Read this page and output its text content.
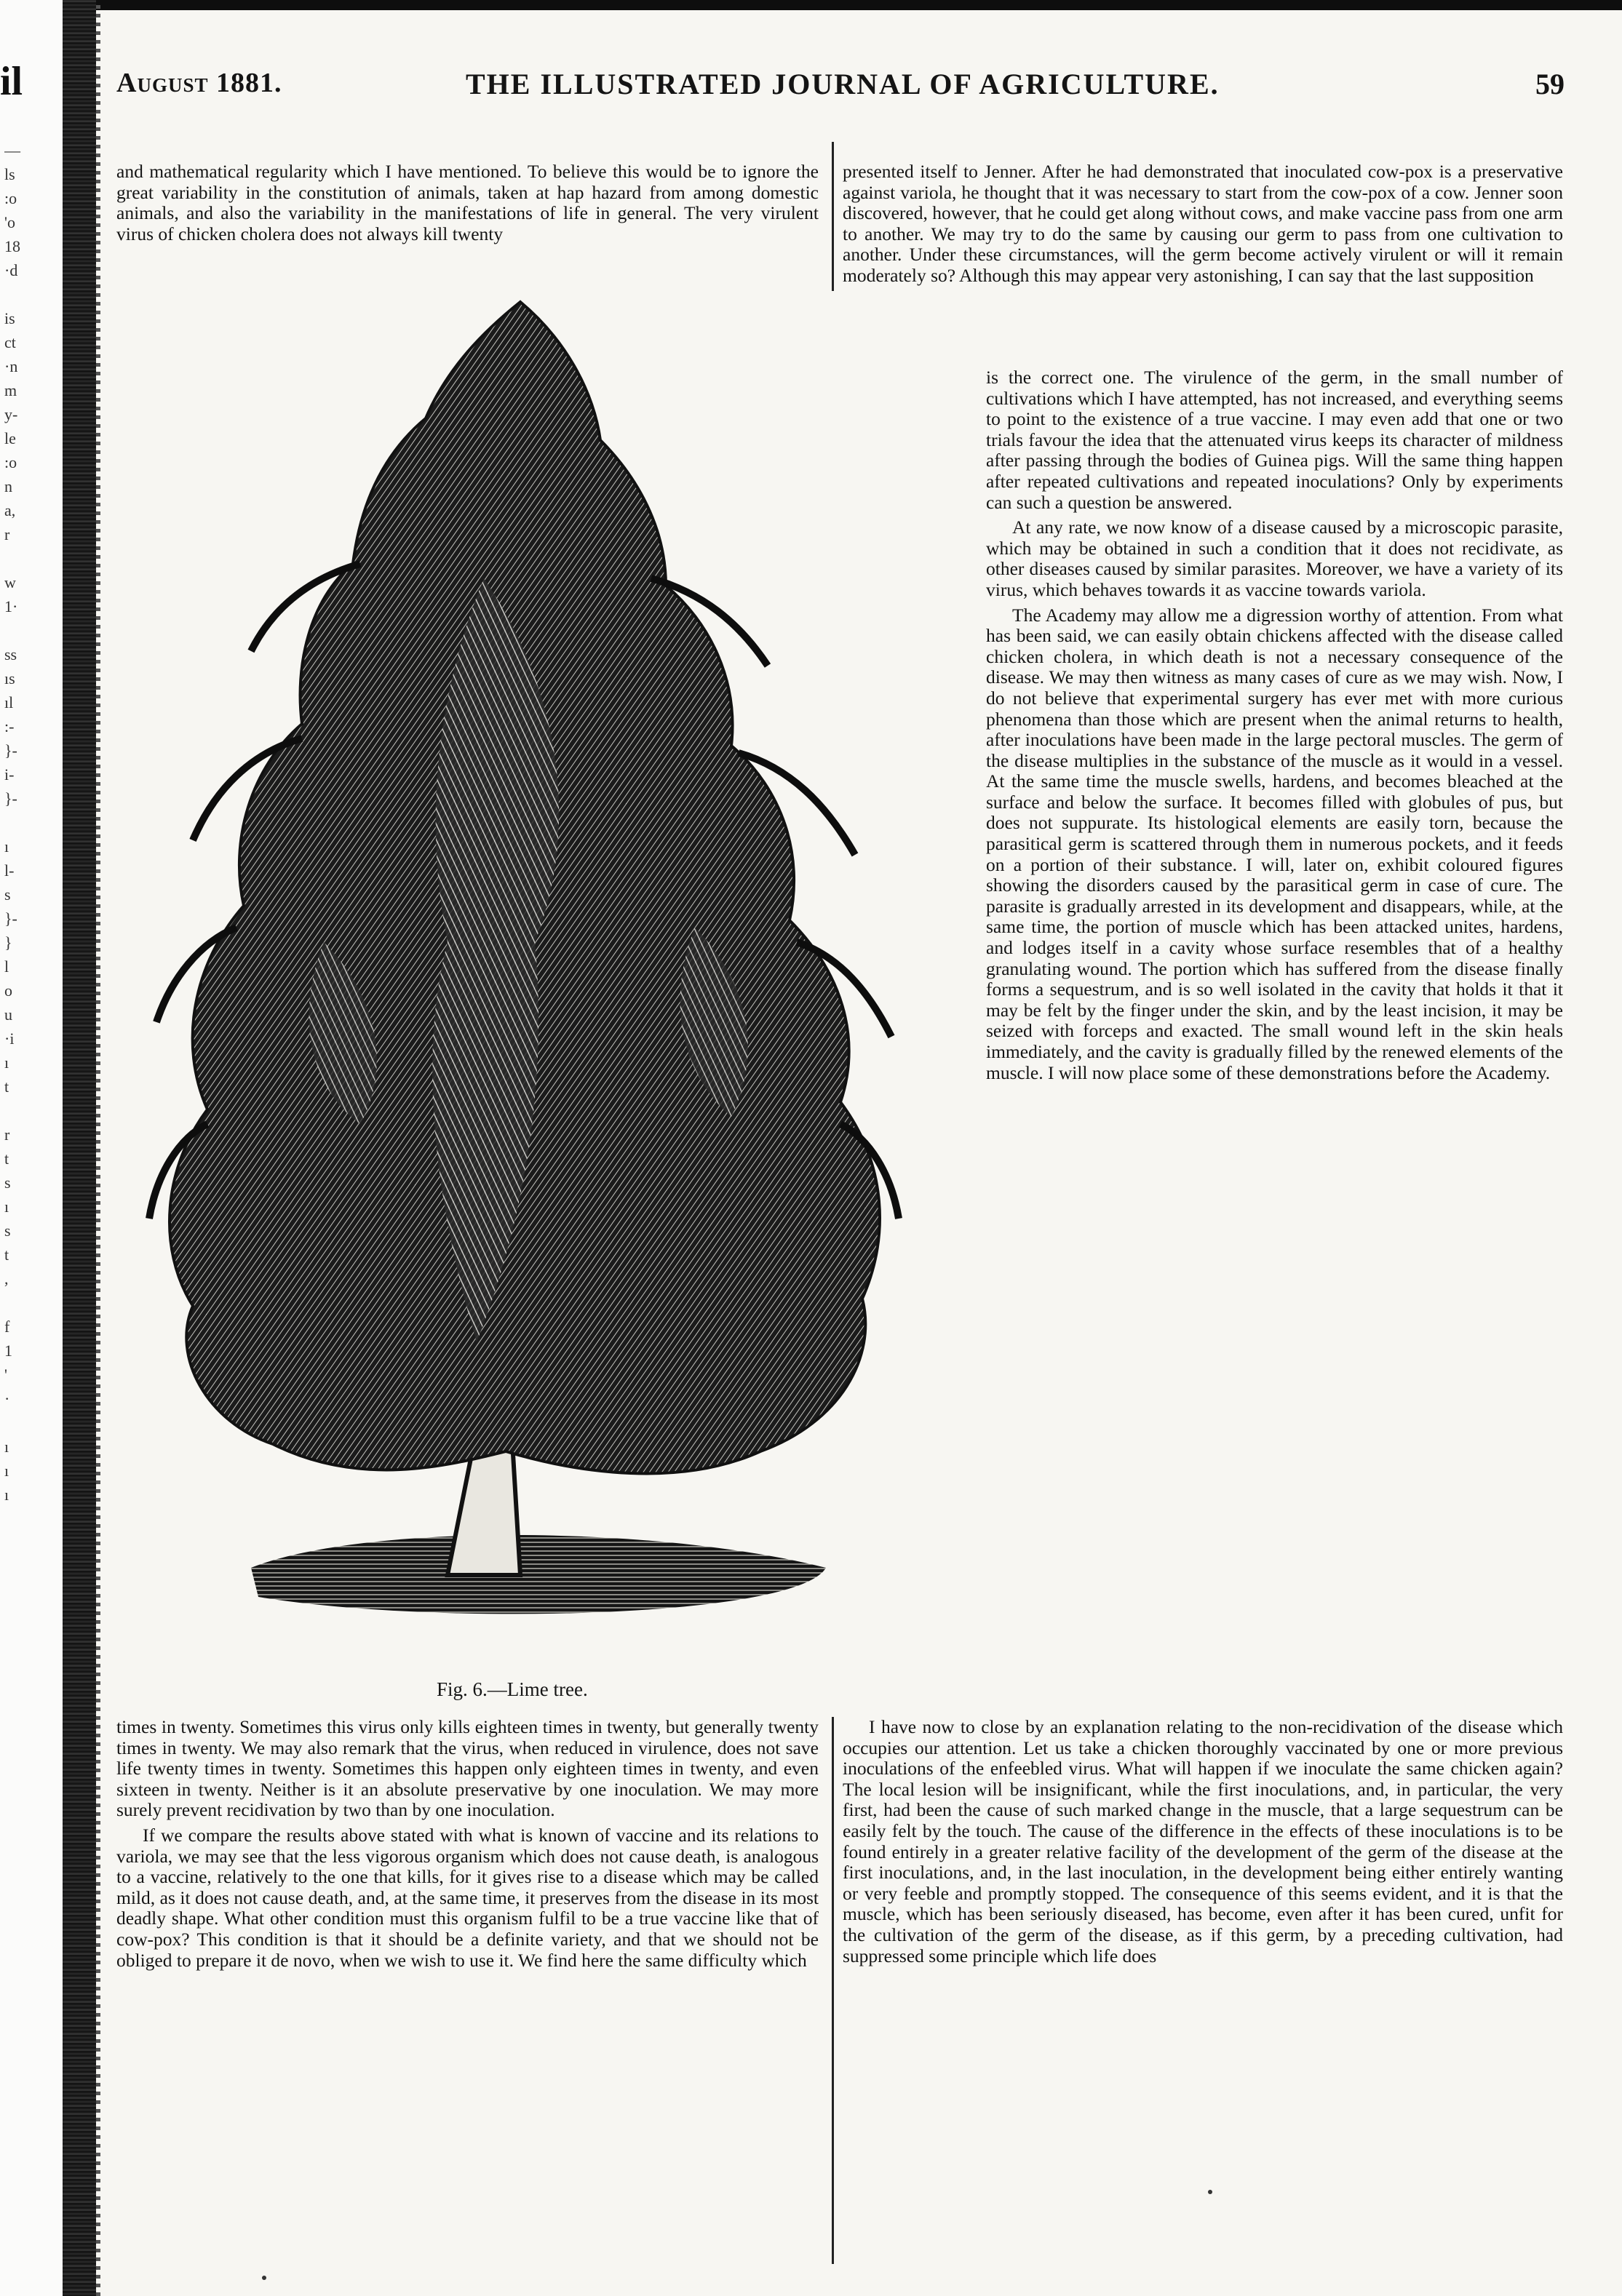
il
—
ls
:o
'o
18
·d
is
ct
·n
m
y-
le
:o
n
a,
r
w
1·
ss
ıs
ıl
:-
}-
i-
}-
ı
l-
s
}-
}
l
o
u
·i
ı
t
r
t
s
ı
s
t
,
f
1
'
·
ı
ı
ı
August 1881.	THE ILLUSTRATED JOURNAL OF AGRICULTURE.	59

and mathematical regularity which I have mentioned. To believe this would be to ignore the great variability in the constitution of animals, taken at hap hazard from among domestic animals, and also the variability in the manifestations of life in general. The very virulent virus of chicken cholera does not always kill twenty

presented itself to Jenner. After he had demonstrated that inoculated cow-pox is a preservative against variola, he thought that it was necessary to start from the cow-pox of a cow. Jenner soon discovered, however, that he could get along without cows, and make vaccine pass from one arm to another. We may try to do the same by causing our germ to pass from one cultivation to another. Under these circumstances, will the germ become actively virulent or will it remain moderately so? Although this may appear very astonishing, I can say that the last supposition

is the correct one. The virulence of the germ, in the small number of cultivations which I have attempted, has not increased, and everything seems to point to the existence of a true vaccine. I may even add that one or two trials favour the idea that the attenuated virus keeps its character of mildness after passing through the bodies of Guinea pigs. Will the same thing happen after repeated cultivations and repeated inoculations? Only by experiments can such a question be answered.

At any rate, we now know of a disease caused by a microscopic parasite, which may be obtained in such a condition that it does not recidivate, as other diseases caused by similar parasites. Moreover, we have a variety of its virus, which behaves towards it as vaccine towards variola.

The Academy may allow me a digression worthy of attention. From what has been said, we can easily obtain chickens affected with the disease called chicken cholera, in which death is not a necessary consequence of the disease. We may then witness as many cases of cure as we may wish. Now, I do not believe that experimental surgery has ever met with more curious phenomena than those which are present when the animal returns to health, after inoculations have been made in the large pectoral muscles. The germ of the disease multiplies in the substance of the muscle as it would in a vessel. At the same time the muscle swells, hardens, and becomes bleached at the surface and below the surface. It becomes filled with globules of pus, but does not suppurate. Its histological elements are easily torn, because the parasitical germ is scattered through them in numerous pockets, and it feeds on a portion of their substance. I will, later on, exhibit coloured figures showing the disorders caused by the parasitical germ in case of cure. The parasite is gradually arrested in its development and disappears, while, at the same time, the portion of muscle which has been attacked unites, hardens, and lodges itself in a cavity whose surface resembles that of a healthy granulating wound. The portion which has suffered from the disease finally forms a sequestrum, and is so well isolated in the cavity that holds it that it may be felt by the finger under the skin, and by the least incision, it may be seized with forceps and exacted. The small wound left in the skin heals immediately, and the cavity is gradually filled by the renewed elements of the muscle. I will now place some of these demonstrations before the Academy.

Fig. 6.—Lime tree.

times in twenty. Sometimes this virus only kills eighteen times in twenty, but generally twenty times in twenty. We may also remark that the virus, when reduced in virulence, does not save life twenty times in twenty. Sometimes this happen only eighteen times in twenty, and even sixteen in twenty. Neither is it an absolute preservative by one inoculation. We may more surely prevent recidivation by two than by one inoculation.

If we compare the results above stated with what is known of vaccine and its relations to variola, we may see that the less vigorous organism which does not cause death, is analogous to a vaccine, relatively to the one that kills, for it gives rise to a disease which may be called mild, as it does not cause death, and, at the same time, it preserves from the disease in its most deadly shape. What other condition must this organism fulfil to be a true vaccine like that of cow-pox? This condition is that it should be a definite variety, and that we should not be obliged to prepare it de novo, when we wish to use it. We find here the same difficulty which

I have now to close by an explanation relating to the non-recidivation of the disease which occupies our attention. Let us take a chicken thoroughly vaccinated by one or more previous inoculations of the enfeebled virus. What will happen if we inoculate the same chicken again? The local lesion will be insignificant, while the first inoculations, and, in particular, the very first, had been the cause of such marked change in the muscle, that a large sequestrum can be easily felt by the touch. The cause of the difference in the effects of these inoculations is to be found entirely in a greater relative facility of the development of the germ of the disease at the first inoculations, and, in the last inoculation, in the development being either entirely wanting or very feeble and promptly stopped. The consequence of this seems evident, and it is that the muscle, which has been seriously diseased, has become, even after it has been cured, unfit for the cultivation of the germ of the disease, as if this germ, by a preceding cultivation, had suppressed some principle which life does
